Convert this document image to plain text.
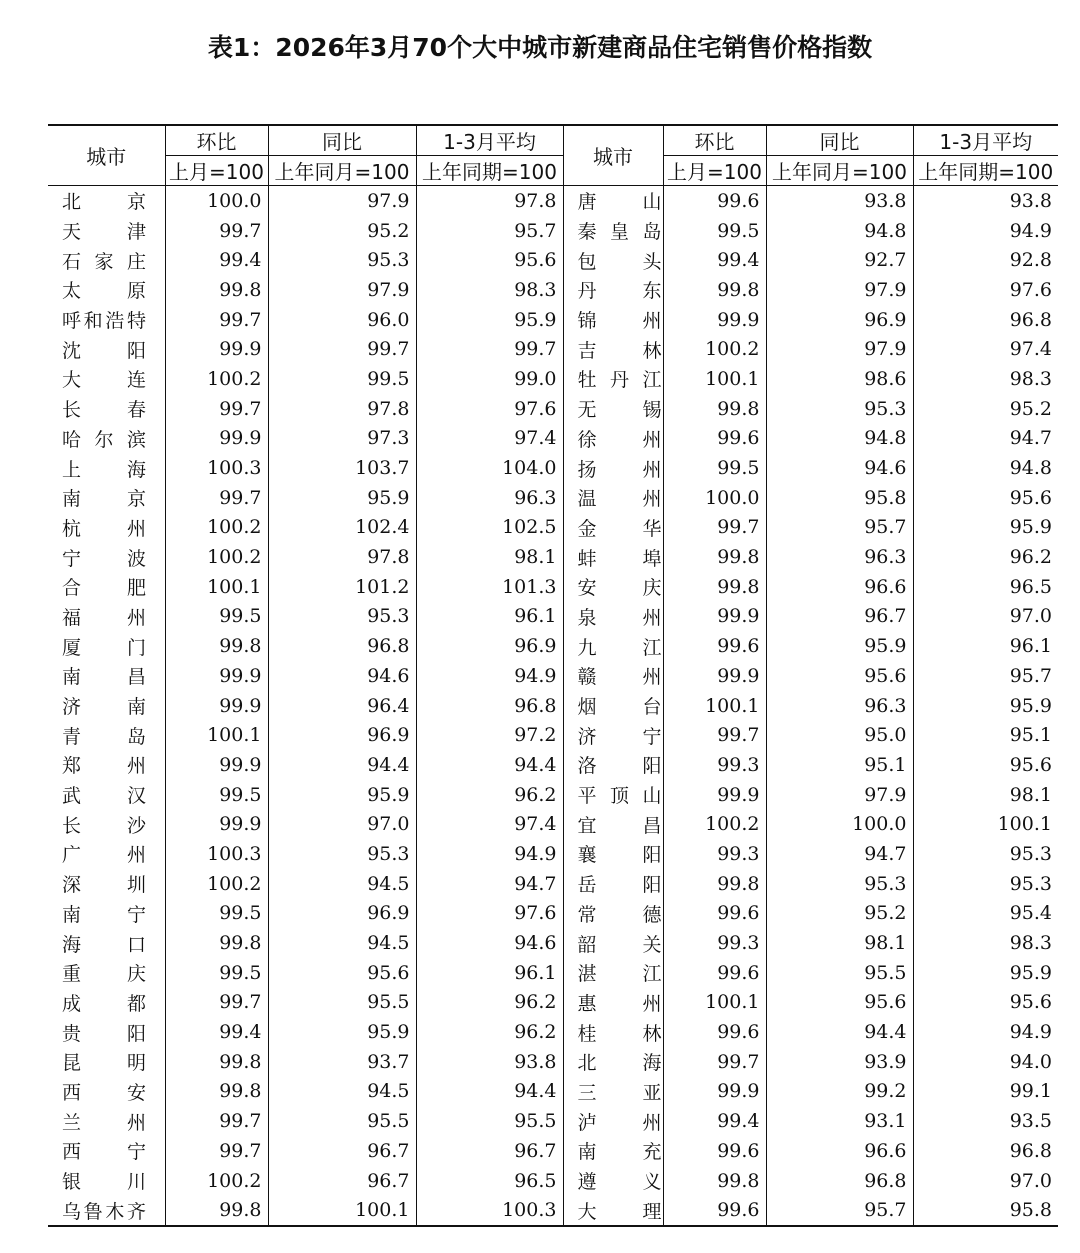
表1：2026年3月70个大中城市新建商品住宅销售价格指数
城市	环比	同比	1-3月平均	城市	环比	同比	1-3月平均
	上月=100	上年同月=100	上年同期=100		上月=100	上年同月=100	上年同期=100

北京	100.0	97.9	97.8	唐山	99.6	93.8	93.8

天津	99.7	95.2	95.7	秦皇岛	99.5	94.8	94.9

石家庄	99.4	95.3	95.6	包头	99.4	92.7	92.8

太原	99.8	97.9	98.3	丹东	99.8	97.9	97.6

呼和浩特	99.7	96.0	95.9	锦州	99.9	96.9	96.8

沈阳	99.9	99.7	99.7	吉林	100.2	97.9	97.4

大连	100.2	99.5	99.0	牡丹江	100.1	98.6	98.3

长春	99.7	97.8	97.6	无锡	99.8	95.3	95.2

哈尔滨	99.9	97.3	97.4	徐州	99.6	94.8	94.7

上海	100.3	103.7	104.0	扬州	99.5	94.6	94.8

南京	99.7	95.9	96.3	温州	100.0	95.8	95.6

杭州	100.2	102.4	102.5	金华	99.7	95.7	95.9

宁波	100.2	97.8	98.1	蚌埠	99.8	96.3	96.2

合肥	100.1	101.2	101.3	安庆	99.8	96.6	96.5

福州	99.5	95.3	96.1	泉州	99.9	96.7	97.0

厦门	99.8	96.8	96.9	九江	99.6	95.9	96.1

南昌	99.9	94.6	94.9	赣州	99.9	95.6	95.7

济南	99.9	96.4	96.8	烟台	100.1	96.3	95.9

青岛	100.1	96.9	97.2	济宁	99.7	95.0	95.1

郑州	99.9	94.4	94.4	洛阳	99.3	95.1	95.6

武汉	99.5	95.9	96.2	平顶山	99.9	97.9	98.1

长沙	99.9	97.0	97.4	宜昌	100.2	100.0	100.1

广州	100.3	95.3	94.9	襄阳	99.3	94.7	95.3

深圳	100.2	94.5	94.7	岳阳	99.8	95.3	95.3

南宁	99.5	96.9	97.6	常德	99.6	95.2	95.4

海口	99.8	94.5	94.6	韶关	99.3	98.1	98.3

重庆	99.5	95.6	96.1	湛江	99.6	95.5	95.9

成都	99.7	95.5	96.2	惠州	100.1	95.6	95.6

贵阳	99.4	95.9	96.2	桂林	99.6	94.4	94.9

昆明	99.8	93.7	93.8	北海	99.7	93.9	94.0

西安	99.8	94.5	94.4	三亚	99.9	99.2	99.1

兰州	99.7	95.5	95.5	泸州	99.4	93.1	93.5

西宁	99.7	96.7	96.7	南充	99.6	96.6	96.8

银川	100.2	96.7	96.5	遵义	99.8	96.8	97.0

乌鲁木齐	99.8	100.1	100.3	大理	99.6	95.7	95.8
